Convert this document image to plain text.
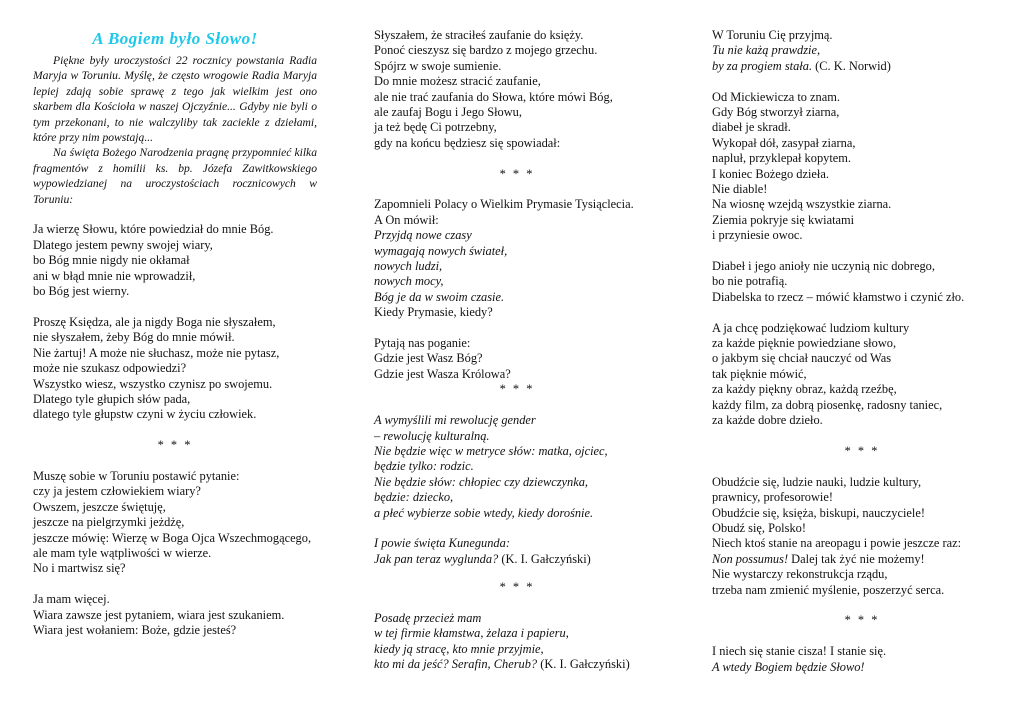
A Bogiem było Słowo!

Piękne były uroczystości 22 rocznicy powstania Radia Maryja w Toruniu. Myślę, że często wrogowie Radia Maryja lepiej zdają sobie sprawę z tego jak wielkim jest ono skarbem dla Kościoła w naszej Ojczyźnie... Gdyby nie byli o tym przekonani, to nie walczyliby tak zaciekle z dziełami, które przy nim powstają...

Na święta Bożego Narodzenia pragnę przypomnieć kilka fragmentów z homilii ks. bp. Józefa Zawitkowskiego wypowiedzianej na uroczystościach rocznicowych w Toruniu:

Ja wierzę Słowu, które powiedział do mnie Bóg.
Dlatego jestem pewny swojej wiary,
bo Bóg mnie nigdy nie okłamał
ani w błąd mnie nie wprowadził,
bo Bóg jest wierny.
Proszę Księdza, ale ja nigdy Boga nie słyszałem,
nie słyszałem, żeby Bóg do mnie mówił.
Nie żartuj! A może nie słuchasz, może nie pytasz,
może nie szukasz odpowiedzi?
Wszystko wiesz, wszystko czynisz po swojemu.
Dlatego tyle głupich słów pada,
dlatego tyle głupstw czyni w życiu człowiek.
* * *
Muszę sobie w Toruniu postawić pytanie:
czy ja jestem człowiekiem wiary?
Owszem, jeszcze świętuję,
jeszcze na pielgrzymki jeżdżę,
jeszcze mówię: Wierzę w Boga Ojca Wszechmogącego,
ale mam tyle wątpliwości w wierze.
No i martwisz się?
Ja mam więcej.
Wiara zawsze jest pytaniem, wiara jest szukaniem.
Wiara jest wołaniem: Boże, gdzie jesteś?
Słyszałem, że straciłeś zaufanie do księży.
Ponoć cieszysz się bardzo z mojego grzechu.
Spójrz w swoje sumienie.
Do mnie możesz stracić zaufanie,
ale nie trać zaufania do Słowa, które mówi Bóg,
ale zaufaj Bogu i Jego Słowu,
ja też będę Ci potrzebny,
gdy na końcu będziesz się spowiadał:
* * *
Zapomnieli Polacy o Wielkim Prymasie Tysiąclecia.
A On mówił:
Przyjdą nowe czasy
wymagają nowych świateł,
nowych ludzi,
nowych mocy,
Bóg je da w swoim czasie.
Kiedy Prymasie, kiedy?
Pytają nas poganie:
Gdzie jest Wasz Bóg?
Gdzie jest Wasza Królowa?
* * *
A wymyślili mi rewolucję gender
– rewolucję kulturalną.
Nie będzie więc w metryce słów: matka, ojciec,
będzie tylko: rodzic.
Nie będzie słów: chłopiec czy dziewczynka,
będzie: dziecko,
a płeć wybierze sobie wtedy, kiedy dorośnie.
I powie święta Kunegunda:
Jak pan teraz wyglunda? (K. I. Gałczyński)
* * *
Posadę przecież mam
w tej firmie kłamstwa, żelaza i papieru,
kiedy ją stracę, kto mnie przyjmie,
kto mi da jeść? Serafin, Cherub? (K. I. Gałczyński)
W Toruniu Cię przyjmą.
Tu nie każą prawdzie,
by za progiem stała. (C. K. Norwid)
Od Mickiewicza to znam.
Gdy Bóg stworzył ziarna,
diabeł je skradł.
Wykopał dół, zasypał ziarna,
napluł, przyklepał kopytem.
I koniec Bożego dzieła.
Nie diable!
Na wiosnę wzejdą wszystkie ziarna.
Ziemia pokryje się kwiatami
i przyniesie owoc.
Diabeł i jego anioły nie uczynią nic dobrego,
bo nie potrafią.
Diabelska to rzecz – mówić kłamstwo i czynić zło.
A ja chcę podziękować ludziom kultury
za każde pięknie powiedziane słowo,
o jakbym się chciał nauczyć od Was
tak pięknie mówić,
za każdy piękny obraz, każdą rzeźbę,
każdy film, za dobrą piosenkę, radosny taniec,
za każde dobre dzieło.
* * *
Obudźcie się, ludzie nauki, ludzie kultury,
prawnicy, profesorowie!
Obudźcie się, księża, biskupi, nauczyciele!
Obudź się, Polsko!
Niech ktoś stanie na areopagu i powie jeszcze raz:
Non possumus! Dalej tak żyć nie możemy!
Nie wystarczy rekonstrukcja rządu,
trzeba nam zmienić myślenie, poszerzyć serca.
* * *
I niech się stanie cisza! I stanie się.
A wtedy Bogiem będzie Słowo!
